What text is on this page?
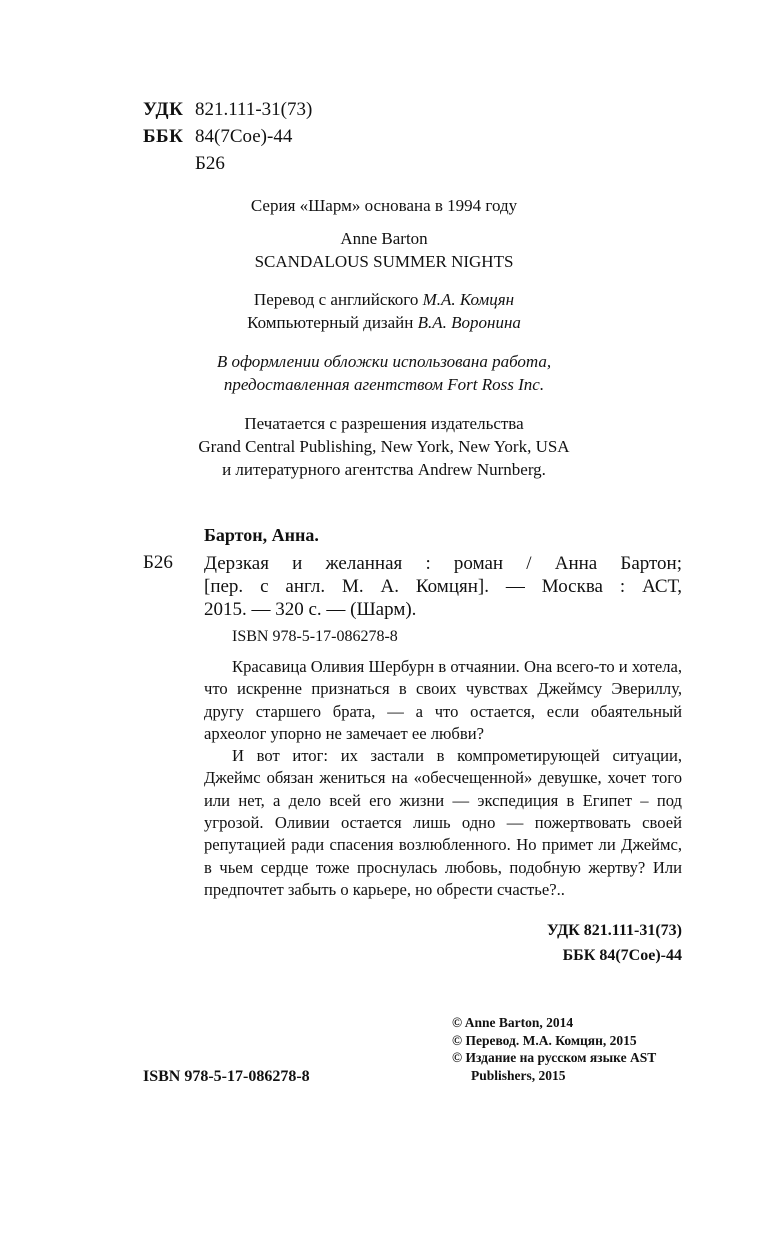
УДК 821.111-31(73)
ББК 84(7Сое)-44
Б26
Серия «Шарм» основана в 1994 году
Anne Barton
SCANDALOUS SUMMER NIGHTS
Перевод с английского М.А. Комцян
Компьютерный дизайн В.А. Воронина
В оформлении обложки использована работа,
предоставленная агентством Fort Ross Inc.
Печатается с разрешения издательства
Grand Central Publishing, New York, New York, USA
и литературного агентства Andrew Nurnberg.
Бартон, Анна.
Б26 Дерзкая и желанная : роман / Анна Бартон;
[пер. с англ. М. А. Комцян]. — Москва : АСТ,
2015. — 320 с. — (Шарм).
ISBN 978-5-17-086278-8

Красавица Оливия Шербурн в отчаянии. Она всего-то и хотела, что искренне признаться в своих чувствах Джеймсу Эвериллу, другу старшего брата, — а что остается, если обаятельный археолог упорно не замечает ее любви?

И вот итог: их застали в компрометирующей ситуации, Джеймс обязан жениться на «обесчещенной» девушке, хочет того или нет, а дело всей его жизни — экспедиция в Египет – под угрозой. Оливии остается лишь одно — пожертвовать своей репутацией ради спасения возлюбленного. Но примет ли Джеймс, в чьем сердце тоже проснулась любовь, подобную жертву? Или предпочтет забыть о карьере, но обрести счастье?..

УДК 821.111-31(73)
ББК 84(7Сое)-44
© Anne Barton, 2014
© Перевод. М.А. Комцян, 2015
© Издание на русском языке AST
Publishers, 2015
ISBN 978-5-17-086278-8
